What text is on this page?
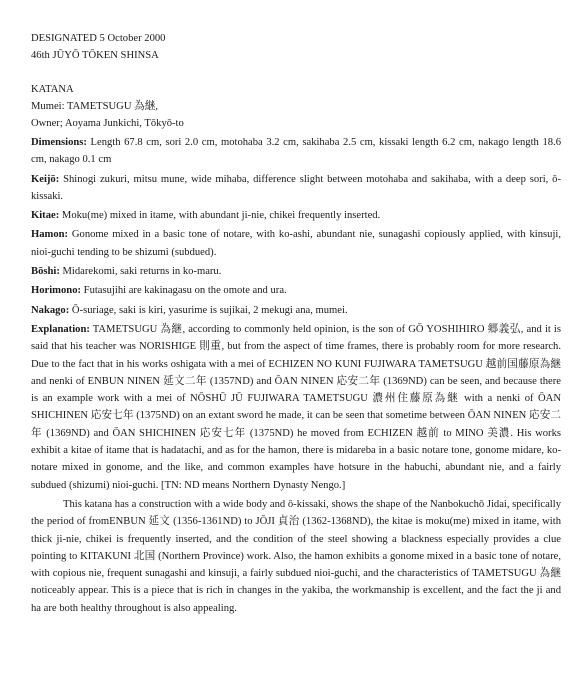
DESIGNATED 5 October 2000
46th JŪYŌ TŌKEN SHINSA
KATANA
Mumei: TAMETSUGU 為継,
Owner; Aoyama Junkichi, Tōkyō-to
Dimensions: Length 67.8 cm, sori 2.0 cm, motohaba 3.2 cm, sakihaba 2.5 cm, kissaki length 6.2 cm, nakago length 18.6 cm, nakago 0.1 cm
Keijō: Shinogi zukuri, mitsu mune, wide mihaba, difference slight between motohaba and sakihaba, with a deep sori, ō-kissaki.
Kitae: Moku(me) mixed in itame, with abundant ji-nie, chikei frequently inserted.
Hamon: Gonome mixed in a basic tone of notare, with ko-ashi, abundant nie, sunagashi copiously applied, with kinsuji, nioi-guchi tending to be shizumi (subdued).
Bōshi: Midarekomi, saki returns in ko-maru.
Horimono: Futasujihi are kakinagasu on the omote and ura.
Nakago: Ō-suriage, saki is kiri, yasurime is sujikai, 2 mekugi ana, mumei.
Explanation: TAMETSUGU 為継, according to commonly held opinion, is the son of GŌ YOSHIHIRO 郷義弘, and it is said that his teacher was NORISHIGE 則重, but from the aspect of time frames, there is probably room for more research. Due to the fact that in his works oshigata with a mei of ECHIZEN NO KUNI FUJIWARA TAMETSUGU 越前国藤原為継 and nenki of ENBUN NINEN 延文二年 (1357ND) and ŌAN NINEN 応安二年 (1369ND) can be seen, and because there is an example work with a mei of NŌSHŪ JŪ FUJIWARA TAMETSUGU 濃州住藤原為継 with a nenki of ŌAN SHICHINEN 応安七年 (1375ND) on an extant sword he made, it can be seen that sometime between ŌAN NINEN 応安二年 (1369ND) and ŌAN SHICHINEN 応安七年 (1375ND) he moved from ECHIZEN 越前 to MINO 美濃. His works exhibit a kitae of itame that is hadatachi, and as for the hamon, there is midareba in a basic notare tone, gonome midare, ko-notare mixed in gonome, and the like, and common examples have hotsure in the habuchi, abundant nie, and a fairly subdued (shizumi) nioi-guchi. [TN: ND means Northern Dynasty Nengo.]
This katana has a construction with a wide body and ō-kissaki, shows the shape of the Nanbokuchō Jidai, specifically the period of fromENBUN 延文 (1356-1361ND) to JŌJI 貞治 (1362-1368ND), the kitae is moku(me) mixed in itame, with thick ji-nie, chikei is frequently inserted, and the condition of the steel showing a blackness especially provides a clue pointing to KITAKUNI 北国 (Northern Province) work. Also, the hamon exhibits a gonome mixed in a basic tone of notare, with copious nie, frequent sunagashi and kinsuji, a fairly subdued nioi-guchi, and the characteristics of TAMETSUGU 為継 noticeably appear. This is a piece that is rich in changes in the yakiba, the workmanship is excellent, and the fact the ji and ha are both healthy throughout is also appealing.
